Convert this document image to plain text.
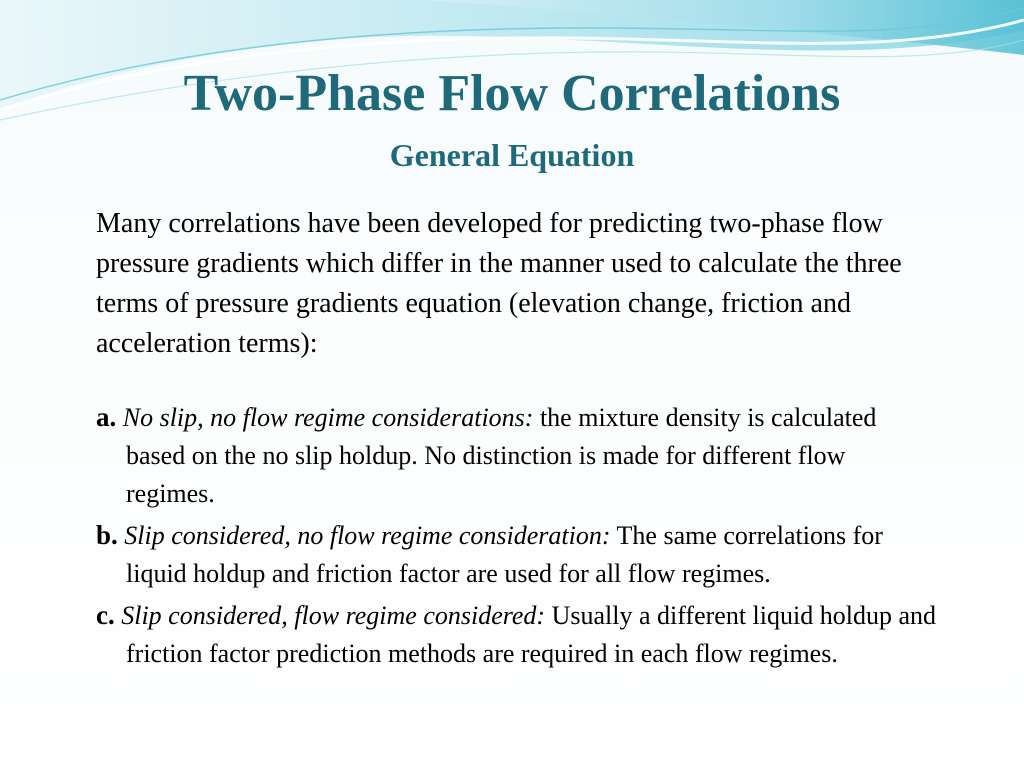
Two-Phase Flow Correlations
General Equation

Many correlations have been developed for predicting two-phase flow pressure gradients which differ in the manner used to calculate the three terms of pressure gradients equation (elevation change, friction and acceleration terms):

a. No slip, no flow regime considerations: the mixture density is calculated based on the no slip holdup. No distinction is made for different flow regimes.
b. Slip considered, no flow regime consideration: The same correlations for liquid holdup and friction factor are used for all flow regimes.
c. Slip considered, flow regime considered: Usually a different liquid holdup and friction factor prediction methods are required in each flow regimes.
